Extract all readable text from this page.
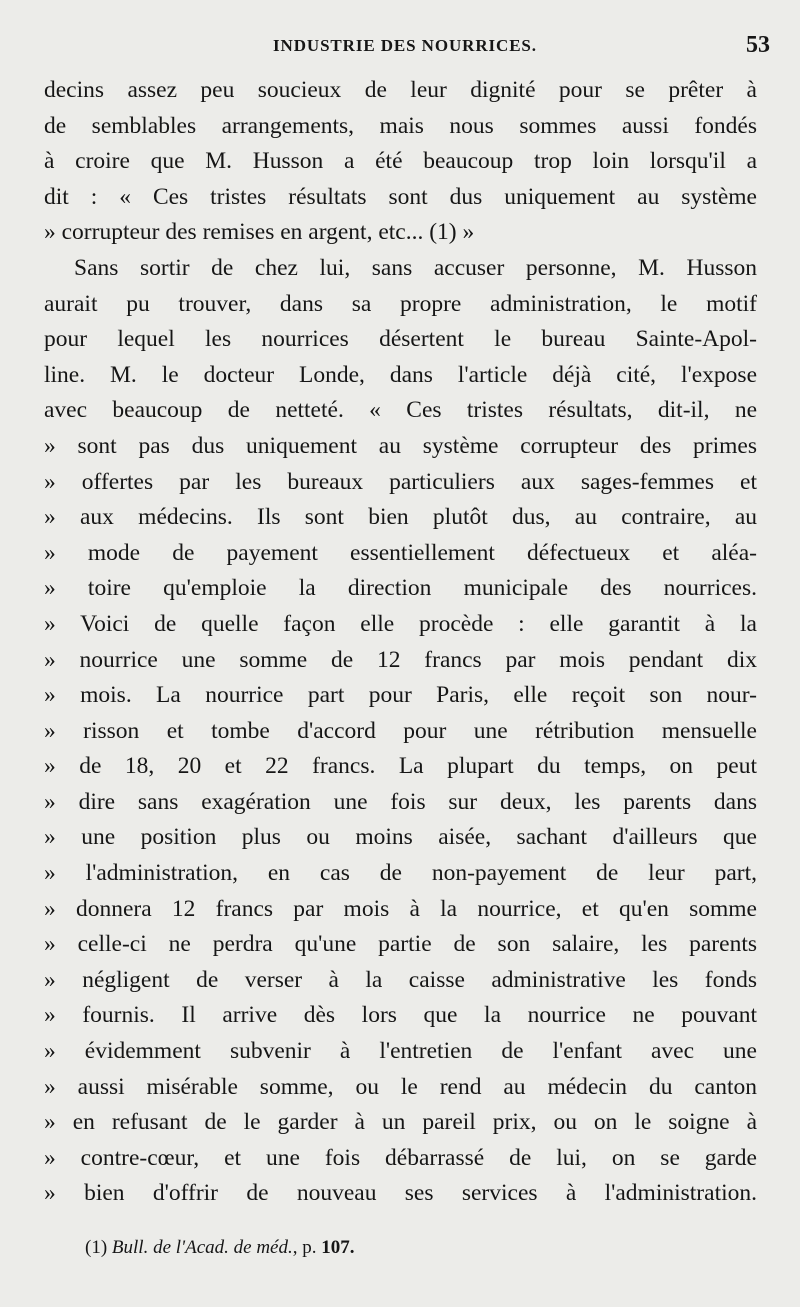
INDUSTRIE DES NOURRICES.	53
decins assez peu soucieux de leur dignité pour se prêter à
de semblables arrangements, mais nous sommes aussi fondés
à croire que M. Husson a été beaucoup trop loin lorsqu'il a
dit : « Ces tristes résultats sont dus uniquement au système
» corrupteur des remises en argent, etc... (1) »
Sans sortir de chez lui, sans accuser personne, M. Husson
aurait pu trouver, dans sa propre administration, le motif
pour lequel les nourrices désertent le bureau Sainte-Apol-
line. M. le docteur Londe, dans l'article déjà cité, l'expose
avec beaucoup de netteté. « Ces tristes résultats, dit-il, ne
» sont pas dus uniquement au système corrupteur des primes
» offertes par les bureaux particuliers aux sages-femmes et
» aux médecins. Ils sont bien plutôt dus, au contraire, au
» mode de payement essentiellement défectueux et aléa-
» toire qu'emploie la direction municipale des nourrices.
» Voici de quelle façon elle procède : elle garantit à la
» nourrice une somme de 12 francs par mois pendant dix
» mois. La nourrice part pour Paris, elle reçoit son nour-
» risson et tombe d'accord pour une rétribution mensuelle
» de 18, 20 et 22 francs. La plupart du temps, on peut
» dire sans exagération une fois sur deux, les parents dans
» une position plus ou moins aisée, sachant d'ailleurs que
» l'administration, en cas de non-payement de leur part,
» donnera 12 francs par mois à la nourrice, et qu'en somme
» celle-ci ne perdra qu'une partie de son salaire, les parents
» négligent de verser à la caisse administrative les fonds
» fournis. Il arrive dès lors que la nourrice ne pouvant
» évidemment subvenir à l'entretien de l'enfant avec une
» aussi misérable somme, ou le rend au médecin du canton
» en refusant de le garder à un pareil prix, ou on le soigne à
» contre-cœur, et une fois débarrassé de lui, on se garde
» bien d'offrir de nouveau ses services à l'administration.
(1) Bull. de l'Acad. de méd., p. 107.
